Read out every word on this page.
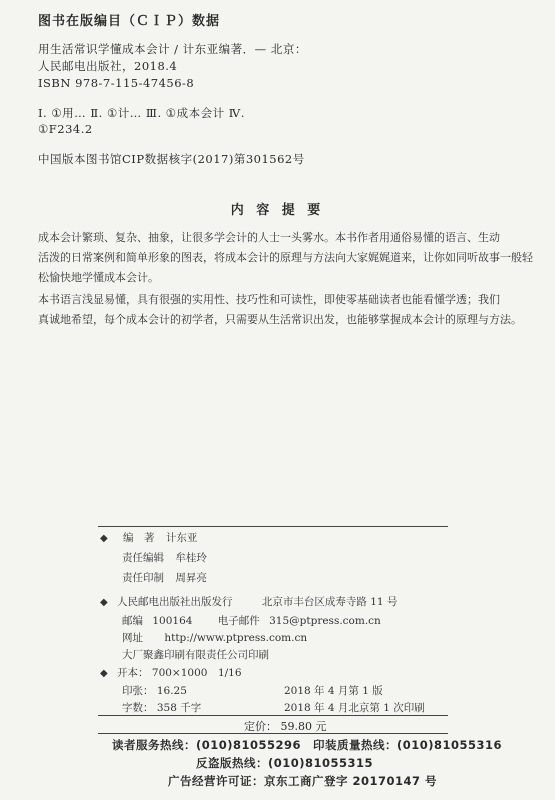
图书在版编目（ＣＩＰ）数据
用生活常识学懂成本会计 / 计东亚编著．— 北京：
人民邮电出版社，2018.4
ISBN 978-7-115-47456-8
Ⅰ. ①用… Ⅱ. ①计… Ⅲ. ①成本会计 Ⅳ.
①F234.2
中国版本图书馆CIP数据核字(2017)第301562号
内 容 提 要
成本会计繁琐、复杂、抽象，让很多学会计的人士一头雾水。本书作者用通俗易懂的语言、生动
活泼的日常案例和简单形象的图表，将成本会计的原理与方法向大家娓娓道来，让你如同听故事一般轻
松愉快地学懂成本会计。
本书语言浅显易懂，具有很强的实用性、技巧性和可读性，即使零基础读者也能看懂学透；我们
真诚地希望，每个成本会计的初学者，只需要从生活常识出发，也能够掌握成本会计的原理与方法。
◆ 编　著 计东亚
责任编辑 牟桂玲
责任印制 周昇亮
◆ 人民邮电出版社出版发行	北京市丰台区成寿寺路 11 号
邮编 100164 电子邮件 315@ptpress.com.cn
网址 http://www.ptpress.com.cn
大厂聚鑫印刷有限责任公司印刷
◆ 开本： 700×1000　1/16
印张： 16.25	2018 年 4 月第 1 版
字数： 358 千字	2018 年 4 月北京第 1 次印刷
定价： 59.80 元
读者服务热线：(010)81055296　印装质量热线：(010)81055316
反盗版热线：(010)81055315
广告经营许可证：京东工商广登字 20170147 号
